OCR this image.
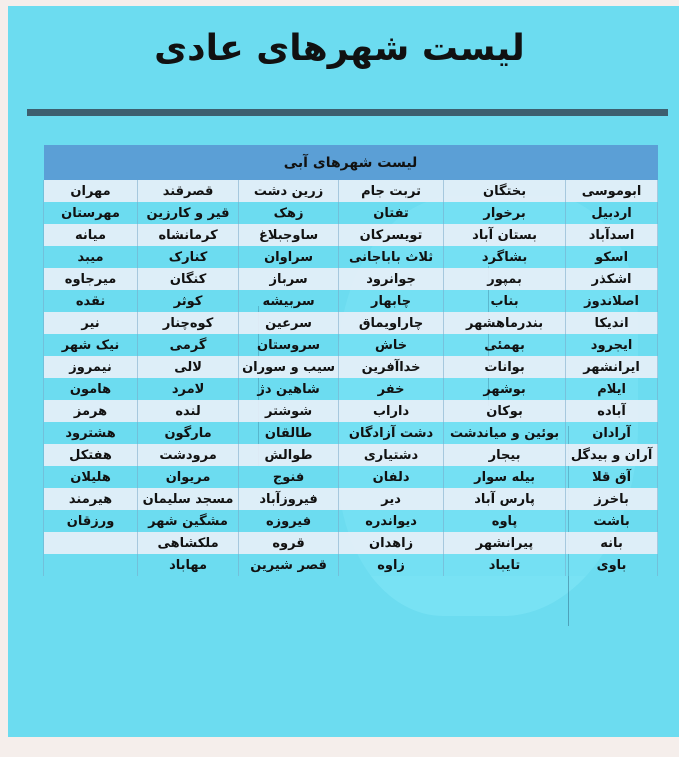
لیست شهرهای عادی
لیست شهرهای آبی					
ابوموسی	بختگان	تربت جام	زرین دشت	قصرقند	مهران
اردبیل	برخوار	تفتان	زهک	قیر و کارزین	مهرستان
اسدآباد	بستان آباد	تویسرکان	ساوجبلاغ	کرمانشاه	میانه
اسکو	بشاگرد	ثلاث باباجانی	سراوان	کنارک	میبد
اشکذر	بمپور	جوانرود	سرباز	کنگان	میرجاوه
اصلاندوز	بناب	چابهار	سربیشه	کوثر	نقده
اندیکا	بندرماهشهر	چاراویماق	سرعین	کوه‌چنار	نیر
ایجرود	بهمئی	خاش	سروستان	گرمی	نیک شهر
ایرانشهر	بوانات	خداآفرین	سیب و سوران	لالی	نیمروز
ایلام	بوشهر	خفر	شاهین دژ	لامرد	هامون
آباده	بوکان	داراب	شوشتر	لنده	هرمز
آرادان	بوئین و میاندشت	دشت آزادگان	طالقان	مارگون	هشترود
آران و بیدگل	بیجار	دشتیاری	طوالش	مرودشت	هفتکل
آق قلا	بیله سوار	دلفان	فنوج	مریوان	هلیلان
باخرز	پارس آباد	دیر	فیروزآباد	مسجد سلیمان	هیرمند
باشت	پاوه	دیواندره	فیروزه	مشگین شهر	ورزقان
بانه	پیرانشهر	زاهدان	قروه	ملکشاهی	
باوی	تایباد	زاوه	قصر شیرین	مهاباد	
